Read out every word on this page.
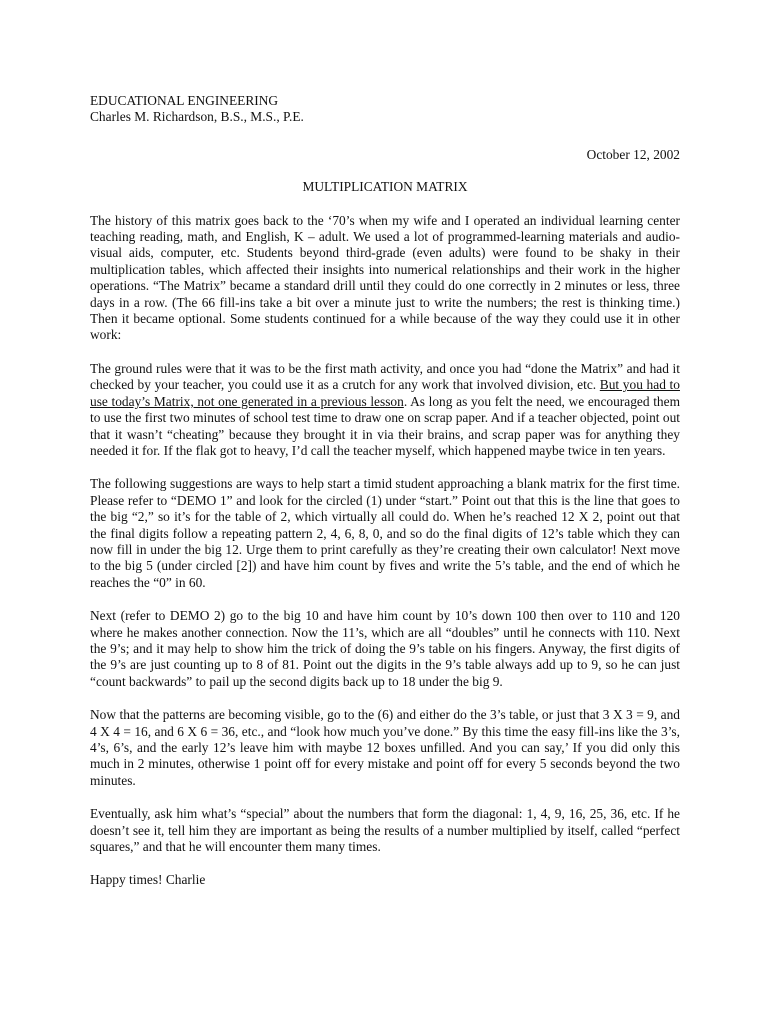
EDUCATIONAL ENGINEERING
Charles M. Richardson, B.S., M.S., P.E.
October 12, 2002
MULTIPLICATION MATRIX

The history of this matrix goes back to the ‘70’s when my wife and I operated an individual learning center teaching reading, math, and English, K – adult. We used a lot of programmed-learning materials and audio-visual aids, computer, etc. Students beyond third-grade (even adults) were found to be shaky in their multiplication tables, which affected their insights into numerical relationships and their work in the higher operations. “The Matrix” became a standard drill until they could do one correctly in 2 minutes or less, three days in a row. (The 66 fill-ins take a bit over a minute just to write the numbers; the rest is thinking time.) Then it became optional. Some students continued for a while because of the way they could use it in other work:

The ground rules were that it was to be the first math activity, and once you had “done the Matrix” and had it checked by your teacher, you could use it as a crutch for any work that involved division, etc. But you had to use today’s Matrix, not one generated in a previous lesson. As long as you felt the need, we encouraged them to use the first two minutes of school test time to draw one on scrap paper. And if a teacher objected, point out that it wasn’t “cheating” because they brought it in via their brains, and scrap paper was for anything they needed it for. If the flak got to heavy, I’d call the teacher myself, which happened maybe twice in ten years.

The following suggestions are ways to help start a timid student approaching a blank matrix for the first time. Please refer to “DEMO 1” and look for the circled (1) under “start.” Point out that this is the line that goes to the big “2,” so it’s for the table of 2, which virtually all could do. When he’s reached 12 X 2, point out that the final digits follow a repeating pattern 2, 4, 6, 8, 0, and so do the final digits of 12’s table which they can now fill in under the big 12. Urge them to print carefully as they’re creating their own calculator! Next move to the big 5 (under circled [2]) and have him count by fives and write the 5’s table, and the end of which he reaches the “0” in 60.

Next (refer to DEMO 2) go to the big 10 and have him count by 10’s down 100 then over to 110 and 120 where he makes another connection. Now the 11’s, which are all “doubles” until he connects with 110. Next the 9’s; and it may help to show him the trick of doing the 9’s table on his fingers. Anyway, the first digits of the 9’s are just counting up to 8 of 81. Point out the digits in the 9’s table always add up to 9, so he can just “count backwards” to pail up the second digits back up to 18 under the big 9.

Now that the patterns are becoming visible, go to the (6) and either do the 3’s table, or just that 3 X 3 = 9, and 4 X 4 = 16, and 6 X 6 = 36, etc., and “look how much you’ve done.” By this time the easy fill-ins like the 3’s, 4’s, 6’s, and the early 12’s leave him with maybe 12 boxes unfilled. And you can say,’ If you did only this much in 2 minutes, otherwise 1 point off for every mistake and point off for every 5 seconds beyond the two minutes.

Eventually, ask him what’s “special” about the numbers that form the diagonal: 1, 4, 9, 16, 25, 36, etc. If he doesn’t see it, tell him they are important as being the results of a number multiplied by itself, called “perfect squares,” and that he will encounter them many times.

Happy times! Charlie
